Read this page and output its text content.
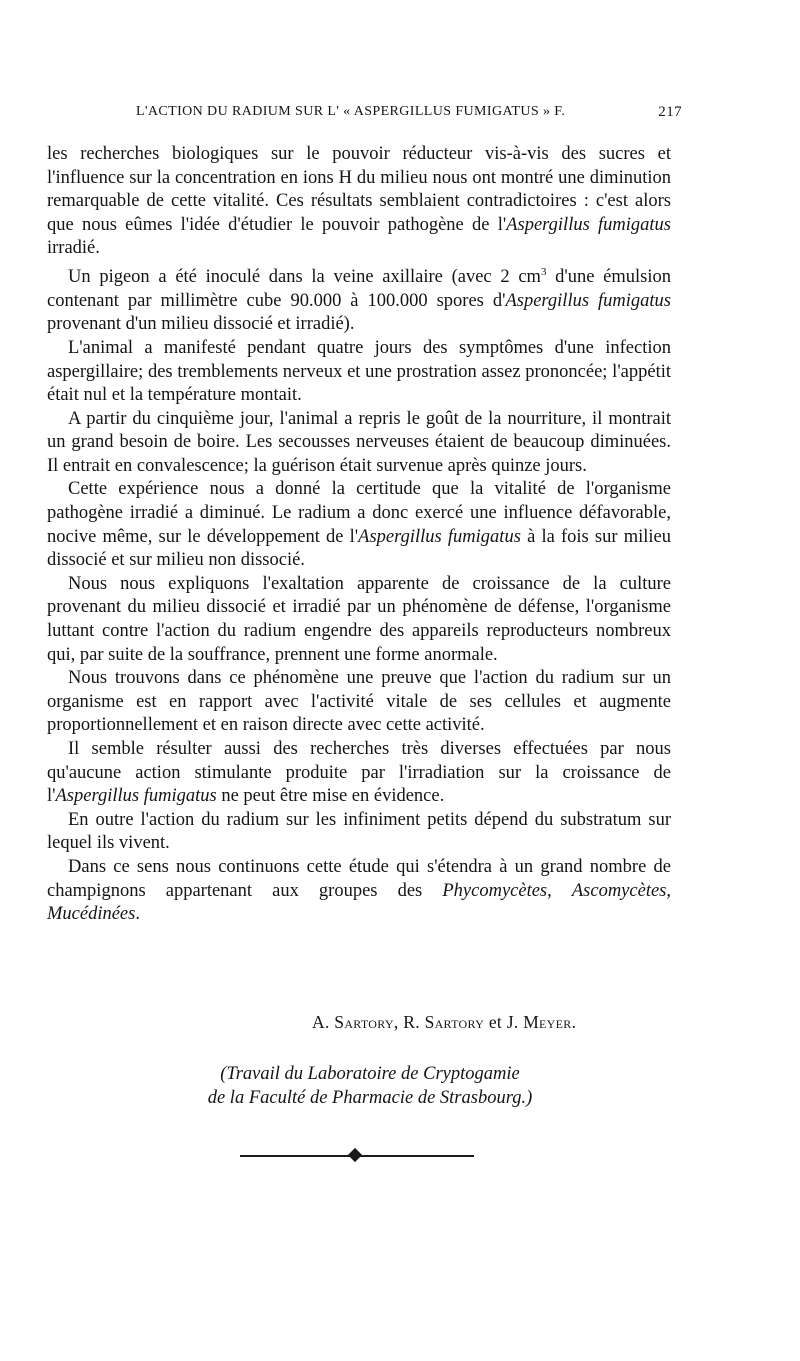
L'ACTION DU RADIUM SUR L' « ASPERGILLUS FUMIGATUS » F.	217

les recherches biologiques sur le pouvoir réducteur vis-à-vis des sucres et l'influence sur la concentration en ions H du milieu nous ont montré une diminution remarquable de cette vitalité. Ces résultats semblaient contradictoires : c'est alors que nous eûmes l'idée d'étudier le pouvoir pathogène de l'Aspergillus fumigatus irradié.

Un pigeon a été inoculé dans la veine axillaire (avec 2 $cm^3$ d'une émulsion contenant par millimètre cube 90.000 à 100.000 spores d'Aspergillus fumigatus provenant d'un milieu dissocié et irradié).

L'animal a manifesté pendant quatre jours des symptômes d'une infection aspergillaire; des tremblements nerveux et une prostration assez prononcée; l'appétit était nul et la température montait.

A partir du cinquième jour, l'animal a repris le goût de la nourriture, il montrait un grand besoin de boire. Les secousses nerveuses étaient de beaucoup diminuées. Il entrait en convalescence; la guérison était survenue après quinze jours.

Cette expérience nous a donné la certitude que la vitalité de l'organisme pathogène irradié a diminué. Le radium a donc exercé une influence défavorable, nocive même, sur le développement de l'Aspergillus fumigatus à la fois sur milieu dissocié et sur milieu non dissocié.

Nous nous expliquons l'exaltation apparente de croissance de la culture provenant du milieu dissocié et irradié par un phénomène de défense, l'organisme luttant contre l'action du radium engendre des appareils reproducteurs nombreux qui, par suite de la souffrance, prennent une forme anormale.

Nous trouvons dans ce phénomène une preuve que l'action du radium sur un organisme est en rapport avec l'activité vitale de ses cellules et augmente proportionnellement et en raison directe avec cette activité.

Il semble résulter aussi des recherches très diverses effectuées par nous qu'aucune action stimulante produite par l'irradiation sur la croissance de l'Aspergillus fumigatus ne peut être mise en évidence.

En outre l'action du radium sur les infiniment petits dépend du substratum sur lequel ils vivent.

Dans ce sens nous continuons cette étude qui s'étendra à un grand nombre de champignons appartenant aux groupes des Phycomycètes, Ascomycètes, Mucédinées.

A. Sartory, R. Sartory et J. Meyer.
(Travail du Laboratoire de Cryptogamie
de la Faculté de Pharmacie de Strasbourg.)
